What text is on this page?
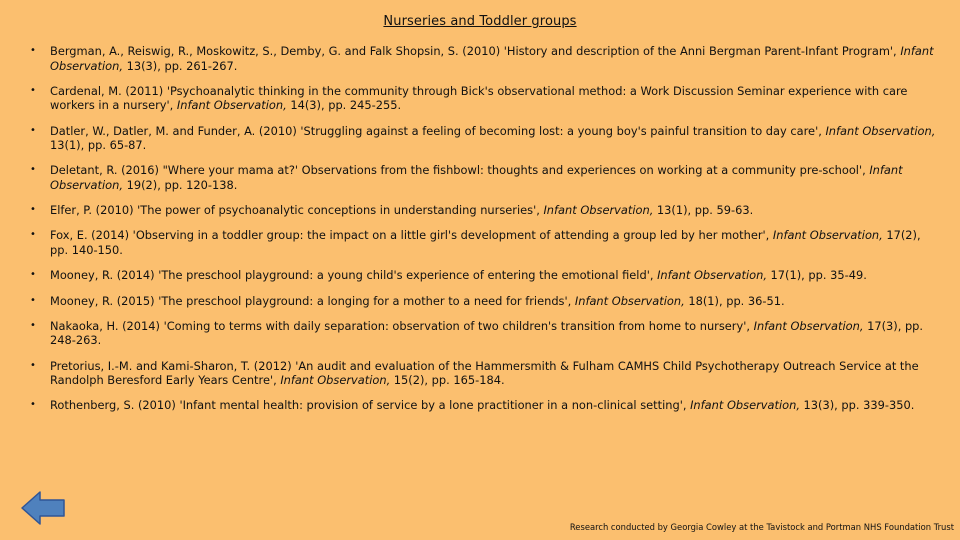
Nurseries and Toddler groups
• Bergman, A., Reiswig, R., Moskowitz, S., Demby, G. and Falk Shopsin, S. (2010) 'History and description of the Anni Bergman Parent-Infant Program', Infant Observation, 13(3), pp. 261-267.
• Cardenal, M. (2011) 'Psychoanalytic thinking in the community through Bick's observational method: a Work Discussion Seminar experience with care workers in a nursery', Infant Observation, 14(3), pp. 245-255.
• Datler, W., Datler, M. and Funder, A. (2010) 'Struggling against a feeling of becoming lost: a young boy's painful transition to day care', Infant Observation, 13(1), pp. 65-87.
• Deletant, R. (2016) "Where your mama at?' Observations from the fishbowl: thoughts and experiences on working at a community pre-school', Infant Observation, 19(2), pp. 120-138.
• Elfer, P. (2010) 'The power of psychoanalytic conceptions in understanding nurseries', Infant Observation, 13(1), pp. 59-63.
• Fox, E. (2014) 'Observing in a toddler group: the impact on a little girl's development of attending a group led by her mother', Infant Observation, 17(2), pp. 140-150.
• Mooney, R. (2014) 'The preschool playground: a young child's experience of entering the emotional field', Infant Observation, 17(1), pp. 35-49.
• Mooney, R. (2015) 'The preschool playground: a longing for a mother to a need for friends', Infant Observation, 18(1), pp. 36-51.
• Nakaoka, H. (2014) 'Coming to terms with daily separation: observation of two children's transition from home to nursery', Infant Observation, 17(3), pp. 248-263.
• Pretorius, I.-M. and Kami-Sharon, T. (2012) 'An audit and evaluation of the Hammersmith & Fulham CAMHS Child Psychotherapy Outreach Service at the Randolph Beresford Early Years Centre', Infant Observation, 15(2), pp. 165-184.
• Rothenberg, S. (2010) 'Infant mental health: provision of service by a lone practitioner in a non-clinical setting', Infant Observation, 13(3), pp. 339-350.
Research conducted by Georgia Cowley at the Tavistock and Portman NHS Foundation Trust
